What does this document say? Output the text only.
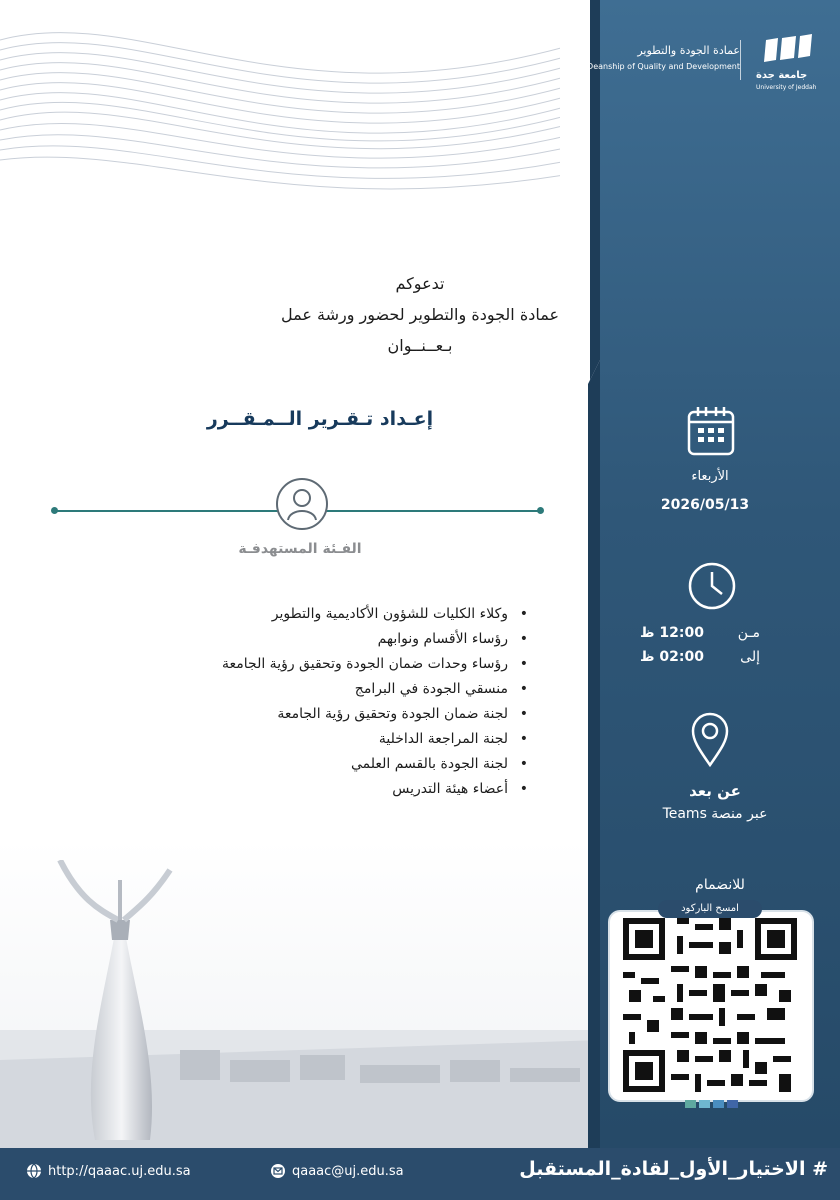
عمادة الجودة والتطوير
Deanship of Quality and Development
جامعة جدة
University of Jeddah
تدعوكم
عمادة الجودة والتطوير لحضور ورشة عمل
بـعــنــوان
إعـداد تـقـرير الــمـقــرر
الفـئة المستهدفـة
• وكلاء الكليات للشؤون الأكاديمية والتطوير
• رؤساء الأقسام ونوابهم
• رؤساء وحدات ضمان الجودة وتحقيق رؤية الجامعة
• منسقي الجودة في البرامج
• لجنة ضمان الجودة وتحقيق رؤية الجامعة
• لجنة المراجعة الداخلية
• لجنة الجودة بالقسم العلمي
• أعضاء هيئة التدريس
الأربعاء
2026/05/13
مـن
12:00 ظ
إلى
02:00 ظ
عن بعد
عبر منصة Teams
للانضمام
امسح الباركود
http://qaaac.uj.edu.sa	qaaac@uj.edu.sa	# الاختيار_الأول_لقادة_المستقبل
